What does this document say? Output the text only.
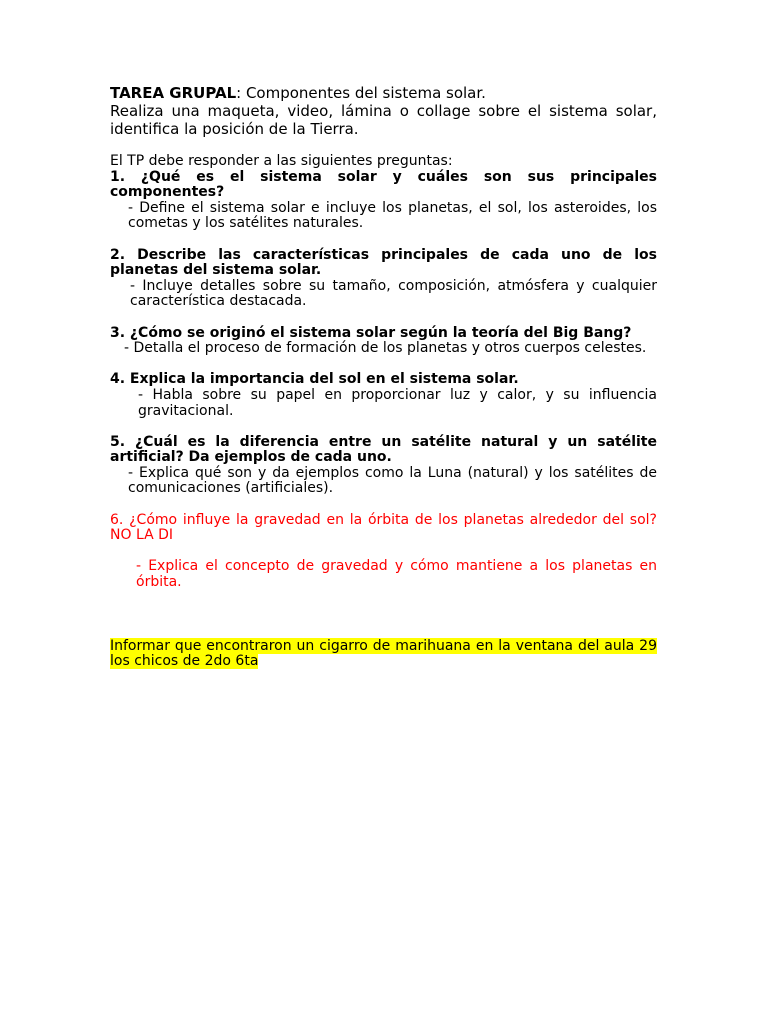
TAREA GRUPAL: Componentes del sistema solar.

Realiza una maqueta, video, lámina o collage sobre el sistema solar, identifica la posición de la Tierra.

El TP debe responder a las siguientes preguntas:

1. ¿Qué es el sistema solar y cuáles son sus principales componentes?

- Define el sistema solar e incluye los planetas, el sol, los asteroides, los cometas y los satélites naturales.

2. Describe las características principales de cada uno de los planetas del sistema solar.

- Incluye detalles sobre su tamaño, composición, atmósfera y cualquier característica destacada.

3. ¿Cómo se originó el sistema solar según la teoría del Big Bang?

- Detalla el proceso de formación de los planetas y otros cuerpos celestes.

4. Explica la importancia del sol en el sistema solar.

- Habla sobre su papel en proporcionar luz y calor, y su influencia gravitacional.

5. ¿Cuál es la diferencia entre un satélite natural y un satélite artificial? Da ejemplos de cada uno.

- Explica qué son y da ejemplos como la Luna (natural) y los satélites de comunicaciones (artificiales).

6. ¿Cómo influye la gravedad en la órbita de los planetas alrededor del sol? NO LA DI

- Explica el concepto de gravedad y cómo mantiene a los planetas en órbita.

Informar que encontraron un cigarro de marihuana en la ventana del aula 29 los chicos de 2do 6ta
